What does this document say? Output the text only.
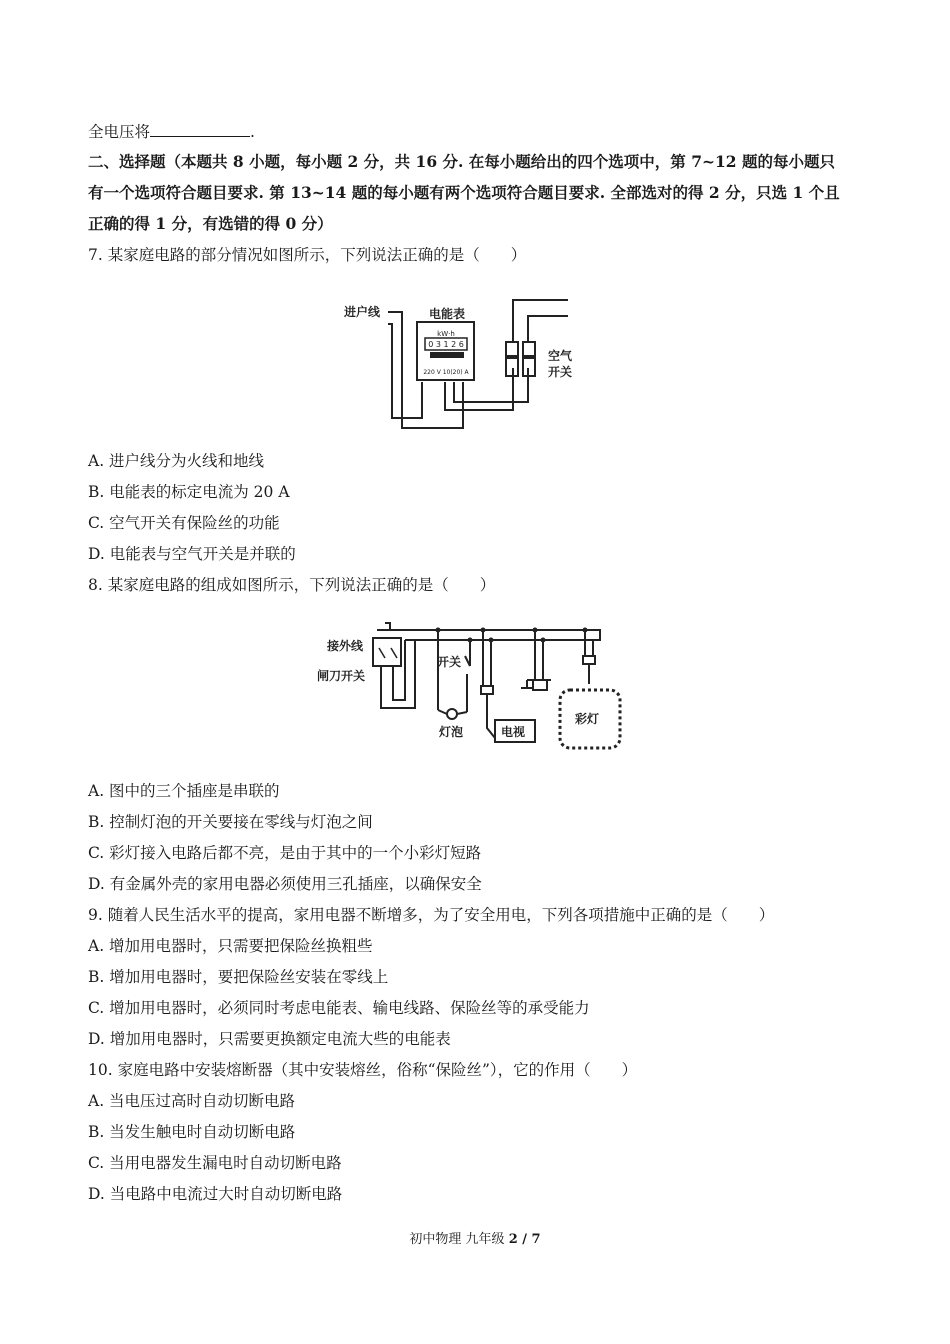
全电压将	.
二、选择题（本题共 8 小题，每小题 2 分，共 16 分. 在每小题给出的四个选项中，第 7~12 题的每小题只
有一个选项符合题目要求. 第 13~14 题的每小题有两个选项符合题目要求. 全部选对的得 2 分，只选 1 个且
正确的得 1 分，有选错的得 0 分）
7. 某家庭电路的部分情况如图所示，下列说法正确的是（　　）
进户线	电能表
kW·h
0 3 1 2 6
220 V 10(20) A
空气
开关
A. 进户线分为火线和地线
B. 电能表的标定电流为 20 A
C. 空气开关有保险丝的功能
D. 电能表与空气开关是并联的
8. 某家庭电路的组成如图所示，下列说法正确的是（　　）
接外线
闸刀开关
开关
灯泡	电视
彩灯
A. 图中的三个插座是串联的
B. 控制灯泡的开关要接在零线与灯泡之间
C. 彩灯接入电路后都不亮，是由于其中的一个小彩灯短路
D. 有金属外壳的家用电器必须使用三孔插座，以确保安全
9. 随着人民生活水平的提高，家用电器不断增多，为了安全用电，下列各项措施中正确的是（　　）
A. 增加用电器时，只需要把保险丝换粗些
B. 增加用电器时，要把保险丝安装在零线上
C. 增加用电器时，必须同时考虑电能表、输电线路、保险丝等的承受能力
D. 增加用电器时，只需要更换额定电流大些的电能表
10. 家庭电路中安装熔断器（其中安装熔丝，俗称“保险丝”），它的作用（　　）
A. 当电压过高时自动切断电路
B. 当发生触电时自动切断电路
C. 当用电器发生漏电时自动切断电路
D. 当电路中电流过大时自动切断电路
初中物理 九年级 2 / 7
